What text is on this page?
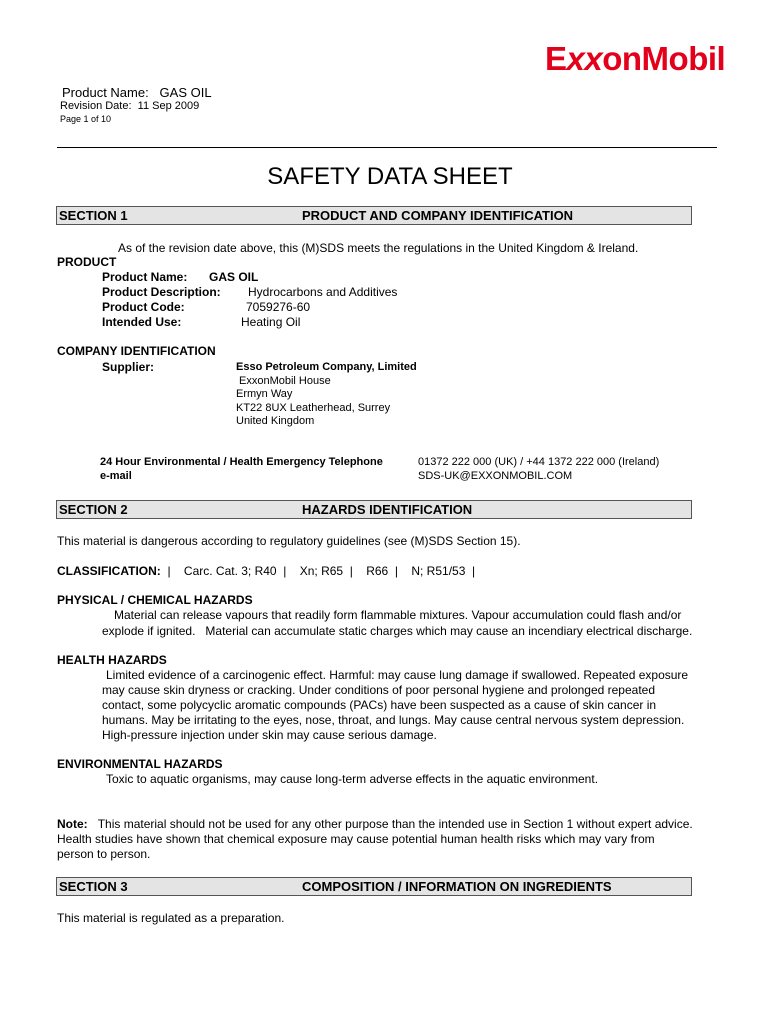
ExxonMobil
Product Name: GAS OIL
Revision Date: 11 Sep 2009
Page 1 of 10
SAFETY DATA SHEET
SECTION 1	PRODUCT AND COMPANY IDENTIFICATION
As of the revision date above, this (M)SDS meets the regulations in the United Kingdom & Ireland.
PRODUCT
Product Name: GAS OIL
Product Description: Hydrocarbons and Additives
Product Code:	7059276-60
Intended Use:	Heating Oil
COMPANY IDENTIFICATION
Supplier:	Esso Petroleum Company, Limited
ExxonMobil House
Ermyn Way
KT22 8UX Leatherhead, Surrey
United Kingdom
24 Hour Environmental / Health Emergency Telephone	01372 222 000 (UK) / +44 1372 222 000 (Ireland)
e-mail	SDS-UK@EXXONMOBIL.COM
SECTION 2	HAZARDS IDENTIFICATION
This material is dangerous according to regulatory guidelines (see (M)SDS Section 15).
CLASSIFICATION:  |    Carc. Cat. 3; R40  |    Xn; R65  |    R66  |    N; R51/53  |
PHYSICAL / CHEMICAL HAZARDS
Material can release vapours that readily form flammable mixtures. Vapour accumulation could flash and/or
explode if ignited.   Material can accumulate static charges which may cause an incendiary electrical discharge.
HEALTH HAZARDS

Limited evidence of a carcinogenic effect. Harmful: may cause lung damage if swallowed. Repeated exposure

may cause skin dryness or cracking. Under conditions of poor personal hygiene and prolonged repeated

contact, some polycyclic aromatic compounds (PACs) have been suspected as a cause of skin cancer in

humans. May be irritating to the eyes, nose, throat, and lungs. May cause central nervous system depression.

High-pressure injection under skin may cause serious damage.

ENVIRONMENTAL HAZARDS
Toxic to aquatic organisms, may cause long-term adverse effects in the aquatic environment.

Note: This material should not be used for any other purpose than the intended use in Section 1 without expert advice.

Health studies have shown that chemical exposure may cause potential human health risks which may vary from

person to person.

SECTION 3	COMPOSITION / INFORMATION ON INGREDIENTS
This material is regulated as a preparation.
